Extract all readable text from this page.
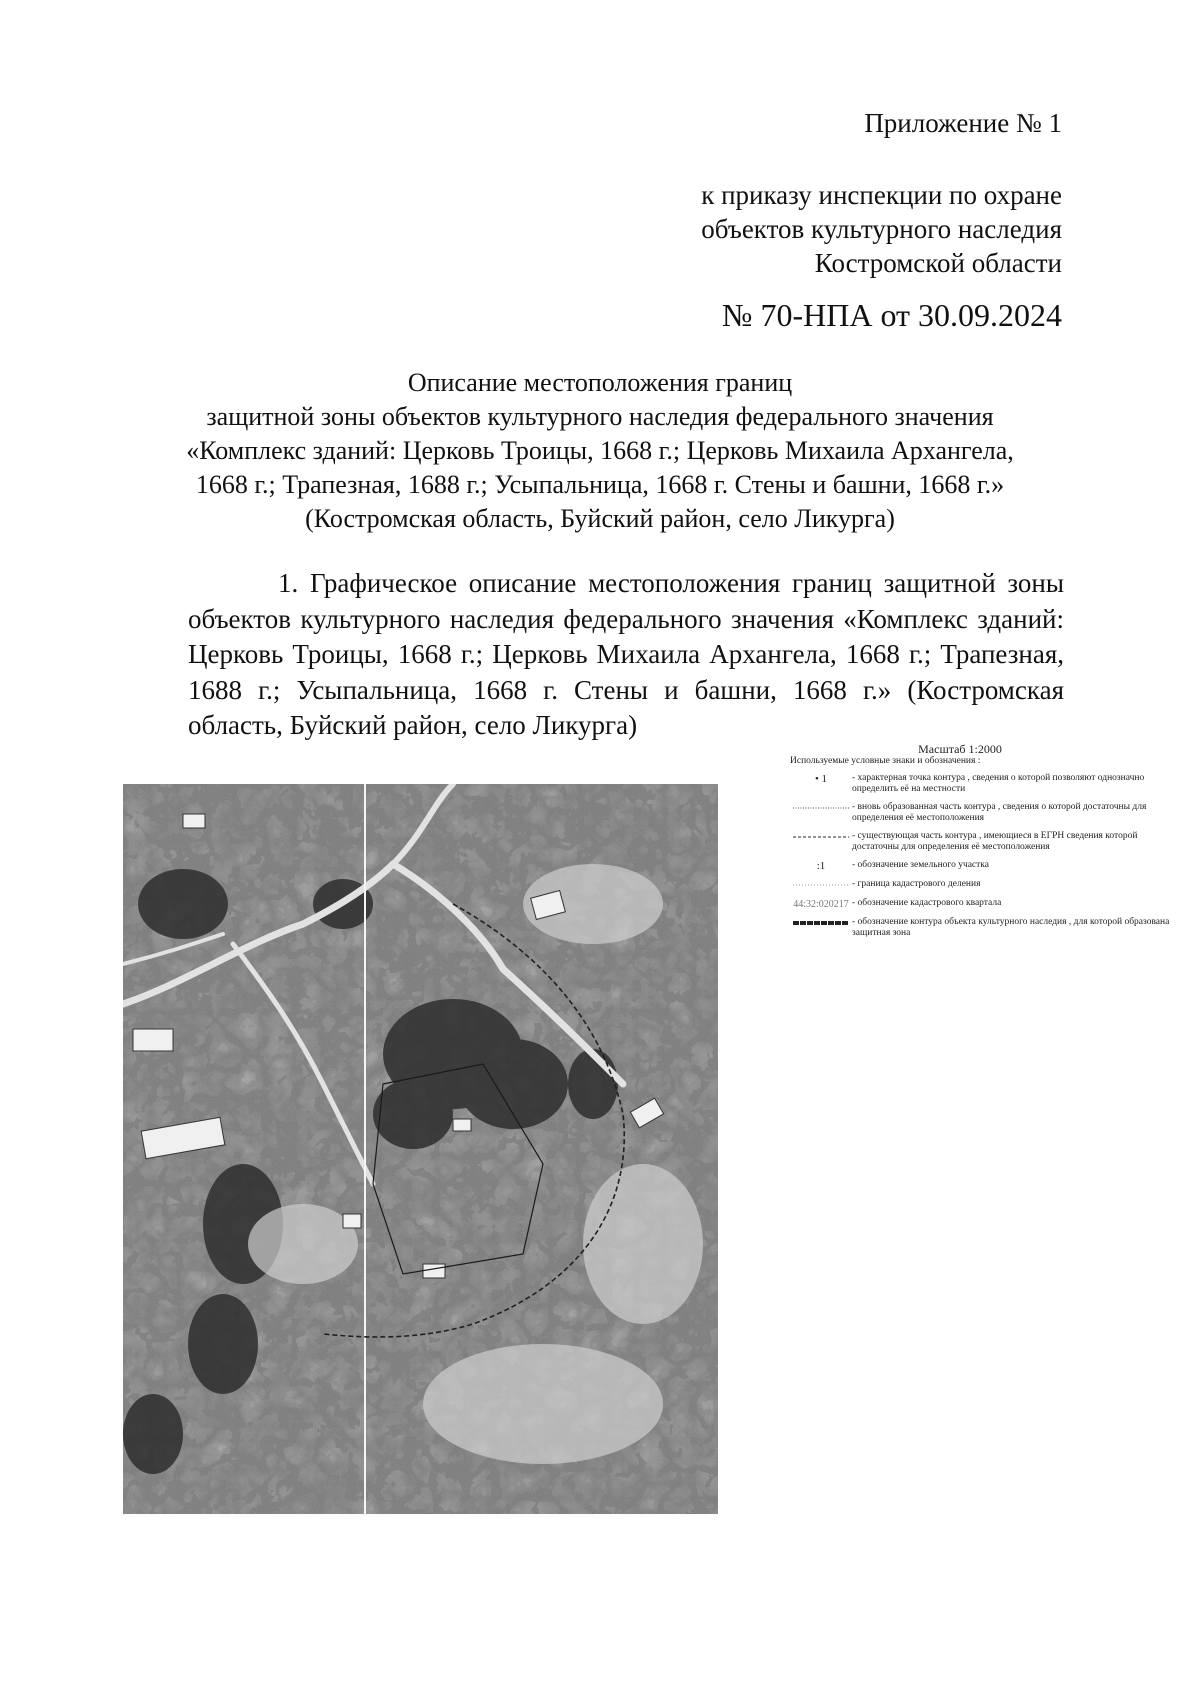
Приложение № 1
к приказу инспекции по охране
объектов культурного наследия
Костромской области
№ 70-НПА от 30.09.2024
Описание местоположения границ
защитной зоны объектов культурного наследия федерального значения
«Комплекс зданий: Церковь Троицы, 1668 г.; Церковь Михаила Архангела,
1668 г.; Трапезная, 1688 г.; Усыпальница, 1668 г. Стены и башни, 1668 г.»
(Костромская область, Буйский район, село Ликурга)

1. Графическое описание местоположения границ защитной зоны объектов культурного наследия федерального значения «Комплекс зданий: Церковь Троицы, 1668 г.; Церковь Михаила Архангела, 1668 г.; Трапезная, 1688 г.; Усыпальница, 1668 г. Стены и башни, 1668 г.» (Костромская область, Буйский район, село Ликурга)

Масштаб 1:2000
Используемые условные знаки и обозначения :
• 1	- характерная точка контура , сведения о которой позволяют однозначно определить её на местности
- вновь образованная часть контура , сведения о которой достаточны для определения её местоположения
- существующая часть контура , имеющиеся в ЕГРН сведения которой достаточны для определения её местоположения
:1	- обозначение земельного участка
- граница кадастрового деления
44:32:020217 - обозначение кадастрового квартала
- обозначение контура объекта культурного наследия , для которой образована защитная зона
